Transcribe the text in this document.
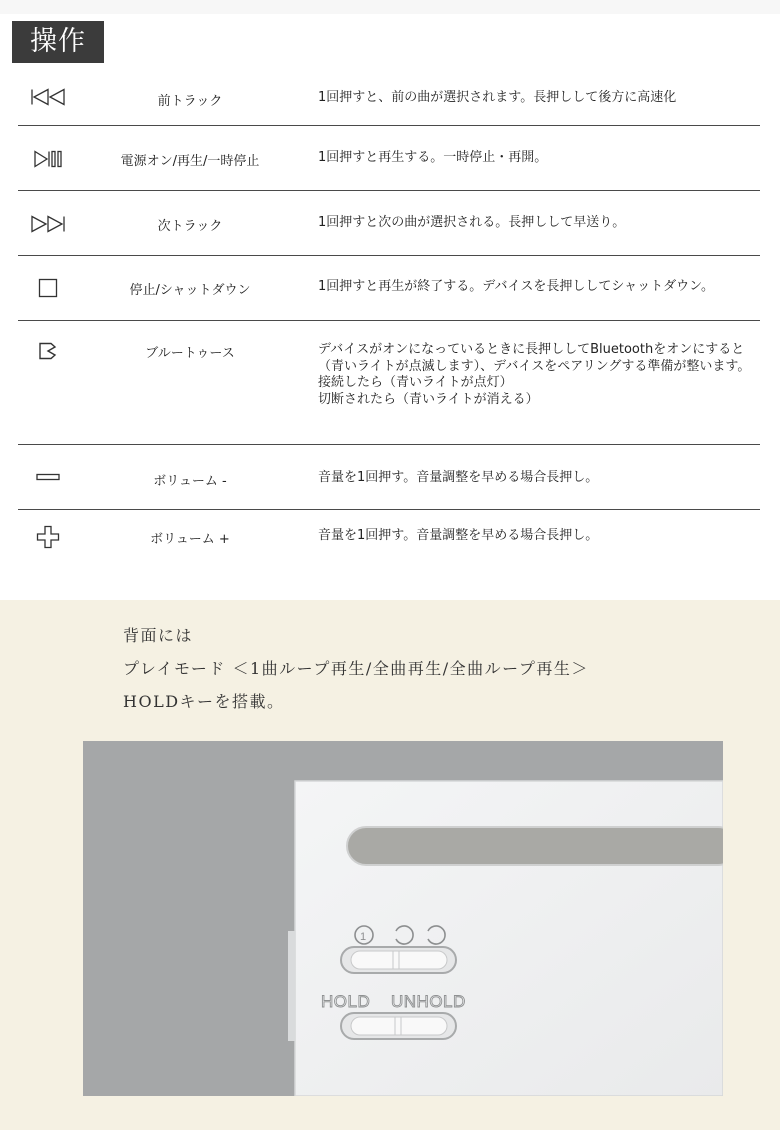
操作
前トラック	1回押すと、前の曲が選択されます。長押しして後方に高速化
電源オン/再生/一時停止	1回押すと再生する。一時停止・再開。
次トラック	1回押すと次の曲が選択される。長押しして早送り。
停止/シャットダウン	1回押すと再生が終了する。デバイスを長押ししてシャットダウン。
ブルートゥース	デバイスがオンになっているときに長押ししてBluetoothをオンにすると
（青いライトが点滅します）、デバイスをペアリングする準備が整います。
接続したら（青いライトが点灯）
切断されたら（青いライトが消える）
ボリューム -	音量を1回押す。音量調整を早める場合長押し。
ボリューム +	音量を1回押す。音量調整を早める場合長押し。
背面には
プレイモード ＜1曲ループ再生/全曲再生/全曲ループ再生＞
HOLDキーを搭載。
1
HOLD UNHOLD
